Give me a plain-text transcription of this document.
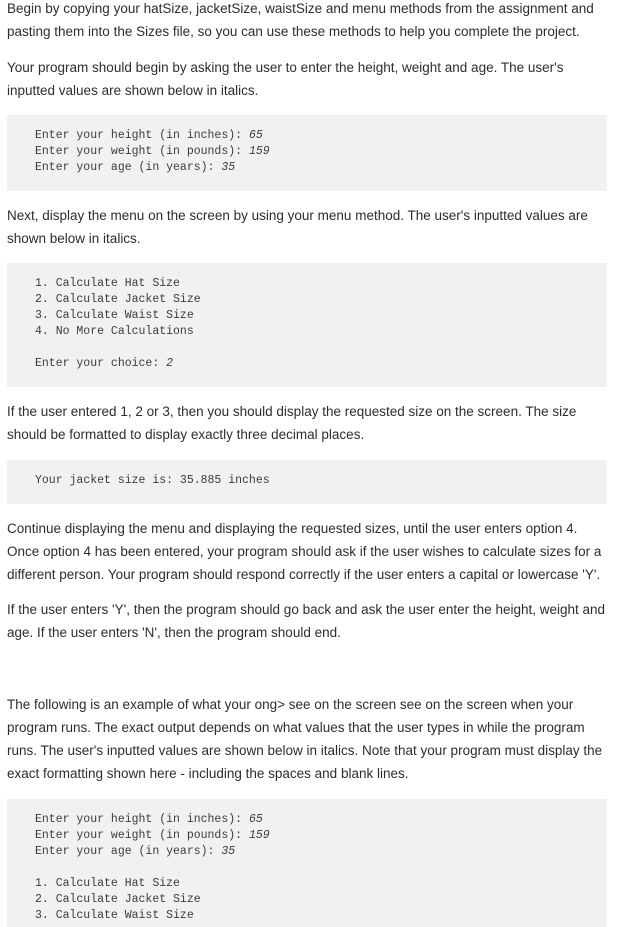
Begin by copying your hatSize, jacketSize, waistSize and menu methods from the assignment and pasting them into the Sizes file, so you can use these methods to help you complete the project.

Your program should begin by asking the user to enter the height, weight and age. The user's inputted values are shown below in italics.

Enter your height (in inches): 65
Enter your weight (in pounds): 159
Enter your age (in years): 35

Next, display the menu on the screen by using your menu method. The user's inputted values are shown below in italics.

1. Calculate Hat Size
2. Calculate Jacket Size
3. Calculate Waist Size
4. No More Calculations
Enter your choice: 2

If the user entered 1, 2 or 3, then you should display the requested size on the screen. The size should be formatted to display exactly three decimal places.

Your jacket size is: 35.885 inches

Continue displaying the menu and displaying the requested sizes, until the user enters option 4. Once option 4 has been entered, your program should ask if the user wishes to calculate sizes for a different person. Your program should respond correctly if the user enters a capital or lowercase 'Y'.

If the user enters 'Y', then the program should go back and ask the user enter the height, weight and age. If the user enters 'N', then the program should end.

The following is an example of what your ong> see on the screen see on the screen when your program runs. The exact output depends on what values that the user types in while the program runs. The user's inputted values are shown below in italics. Note that your program must display the exact formatting shown here - including the spaces and blank lines.

Enter your height (in inches): 65
Enter your weight (in pounds): 159
Enter your age (in years): 35
1. Calculate Hat Size
2. Calculate Jacket Size
3. Calculate Waist Size
